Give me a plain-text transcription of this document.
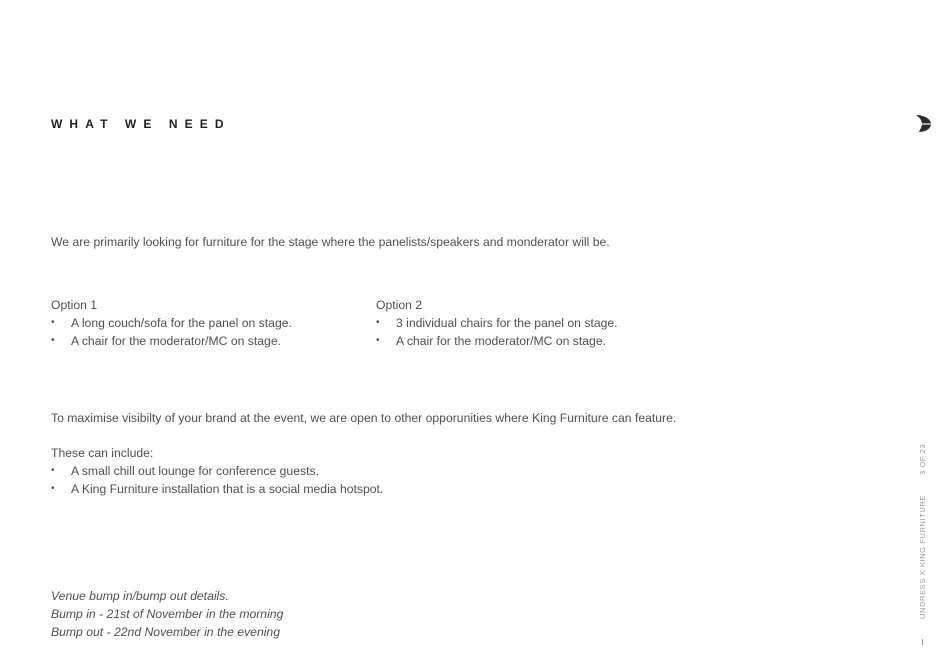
WHAT WE NEED

We are primarily looking for furniture for the stage where the panelists/speakers and monderator will be.

Option 1

• A long couch/sofa for the panel on stage.
• A chair for the moderator/MC on stage.

Option 2

• 3 individual chairs for the panel on stage.
• A chair for the moderator/MC on stage.

To maximise visibilty of your brand at the event, we are open to other opporunities where King Furniture can feature.

These can include:

• A small chill out lounge for conference guests.
• A King Furniture installation that is a social media hotspot.
Venue bump in/bump out details.
Bump in - 21st of November in the morning
Bump out - 22nd November in the evening
UNDRESS X KING FURNITURE
3 OF 23
